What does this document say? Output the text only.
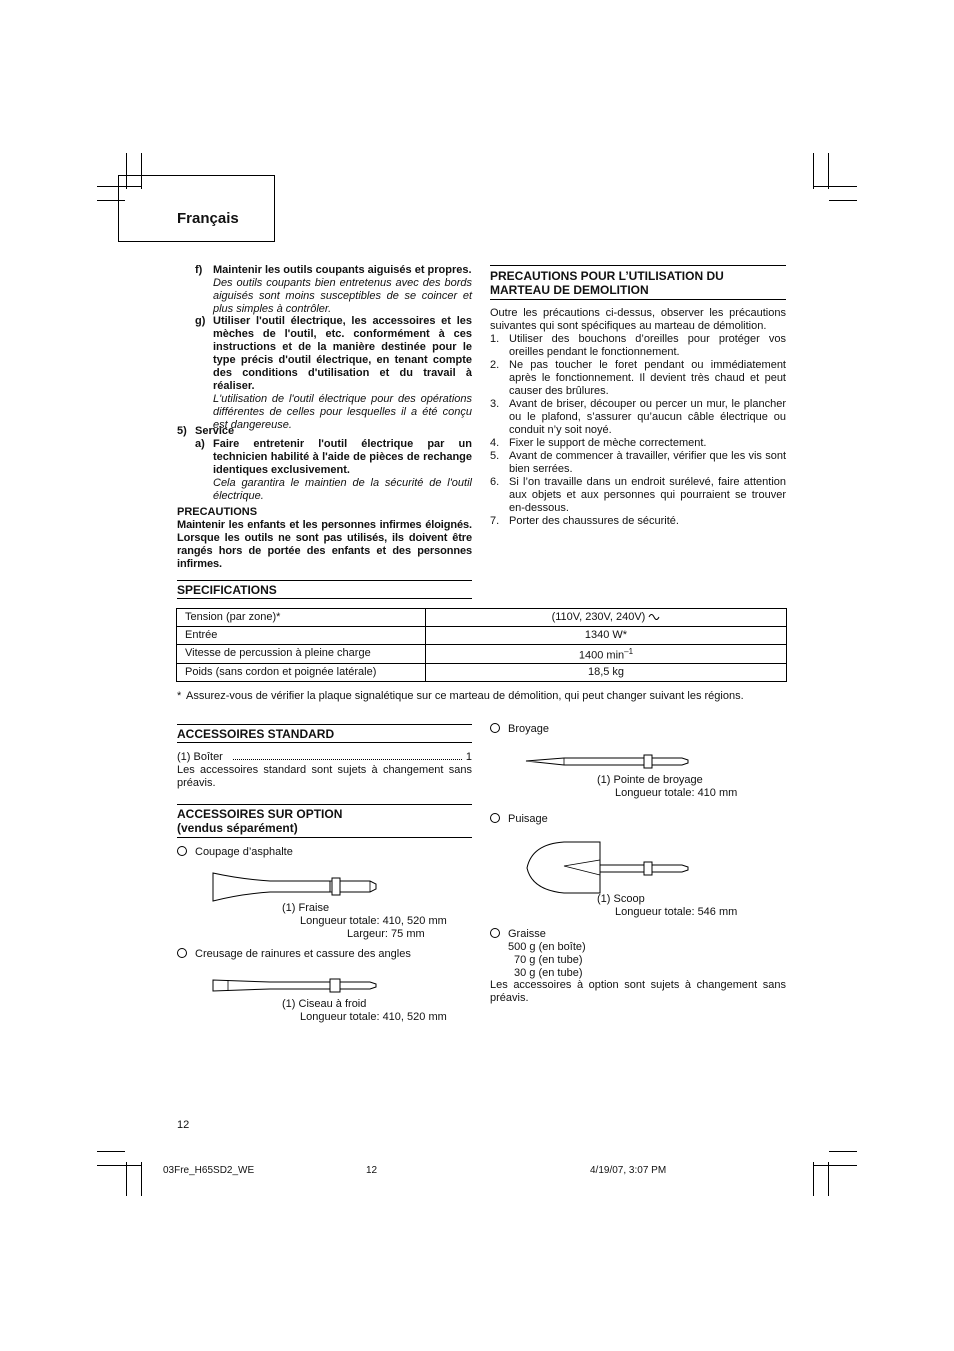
Français
f) Maintenir les outils coupants aiguisés et propres.
Des outils coupants bien entretenus avec des bords aiguisés sont moins susceptibles de se coincer et plus simples à contrôler.
g) Utiliser l'outil électrique, les accessoires et les mèches de l'outil, etc. conformément à ces instructions et de la manière destinée pour le type précis d'outil électrique, en tenant compte des conditions d'utilisation et du travail à réaliser.
L'utilisation de l'outil électrique pour des opérations différentes de celles pour lesquelles il a été conçu est dangereuse.
5) Service
a) Faire entretenir l'outil électrique par un technicien habilité à l'aide de pièces de rechange identiques exclusivement.
Cela garantira le maintien de la sécurité de l'outil électrique.
PRECAUTIONS
Maintenir les enfants et les personnes infirmes éloignés. Lorsque les outils ne sont pas utilisés, ils doivent être rangés hors de portée des enfants et des personnes infirmes.
PRECAUTIONS POUR L’UTILISATION DU MARTEAU DE DEMOLITION
Outre les précautions ci-dessus, observer les précautions suivantes qui sont spécifiques au marteau de démolition.
1. Utiliser des bouchons d’oreilles pour protéger vos oreilles pendant le fonctionnement.
2. Ne pas toucher le foret pendant ou immédiatement après le fonctionnement. Il devient très chaud et peut causer des brûlures.
3. Avant de briser, découper ou percer un mur, le plancher ou le plafond, s’assurer qu’aucun câble électrique ou conduit n’y soit noyé.
4. Fixer le support de mèche correctement.
5. Avant de commencer à travailler, vérifier que les vis sont bien serrées.
6. Si l’on travaille dans un endroit surélevé, faire attention aux objets et aux personnes qui pourraient se trouver en-dessous.
7. Porter des chaussures de sécurité.
SPECIFICATIONS
Tension (par zone)*	(110V, 230V, 240V)

Entrée	1340 W*
Vitesse de percussion à pleine charge	1400 $\min^{-1}$
Poids (sans cordon et poignée latérale)	18,5 kg
* Assurez-vous de vérifier la plaque signalétique sur ce marteau de démolition, qui peut changer suivant les régions.
ACCESSOIRES STANDARD
(1) Boîter	1
Les accessoires standard sont sujets à changement sans préavis.
ACCESSOIRES SUR OPTION
(vendus séparément)
Coupage d’asphalte
(1) Fraise
Longueur totale: 410, 520 mm
Largeur: 75 mm
Creusage de rainures et cassure des angles
(1) Ciseau à froid
Longueur totale: 410, 520 mm
Broyage
(1) Pointe de broyage
Longueur totale: 410 mm
Puisage
(1) Scoop
Longueur totale: 546 mm
Graisse
500 g (en boîte)
70 g (en tube)
30 g (en tube)
Les accessoires à option sont sujets à changement sans préavis.
12
03Fre_H65SD2_WE	12	4/19/07, 3:07 PM
